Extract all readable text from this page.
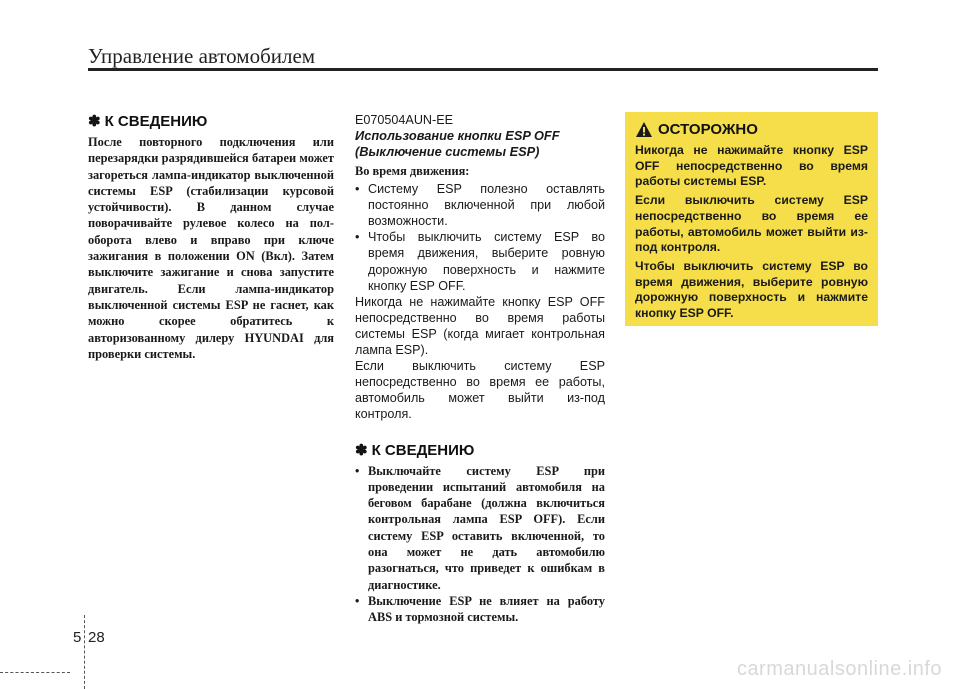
Управление автомобилем
✽ К СВЕДЕНИЮ

После повторного подключения или перезарядки разрядившейся батареи может загореться лампа-индикатор выключенной системы ESP (стабилизации курсовой устойчивости). В данном случае поворачивайте рулевое колесо на пол-оборота влево и вправо при ключе зажигания в положении ON (Вкл). Затем выключите зажигание и снова запустите двигатель. Если лампа-индикатор выключенной системы ESP не гаснет, как можно скорее обратитесь к авторизованному дилеру HYUNDAI для проверки системы.

E070504AUN-EE

Использование кнопки ESP OFF (Выключение системы ESP)

Во время движения:

• Систему ESP полезно оставлять постоянно включенной при любой возможности.
• Чтобы выключить систему ESP во время движения, выберите ровную дорожную поверхность и нажмите кнопку ESP OFF.

Никогда не нажимайте кнопку ESP OFF непосредственно во время работы системы ESP (когда мигает контрольная лампа ESP).

Если выключить систему ESP непосредственно во время ее работы, автомобиль может выйти из-под контроля.

✽ К СВЕДЕНИЮ
• Выключайте систему ESP при проведении испытаний автомобиля на беговом барабане (должна включиться контрольная лампа ESP OFF). Если систему ESP оставить включенной, то она может не дать автомобилю разогнаться, что приведет к ошибкам в диагностике.
• Выключение ESP не влияет на работу ABS и тормозной системы.
ОСТОРОЖНО

Никогда не нажимайте кнопку ESP OFF непосредственно во время работы системы ESP.

Если выключить систему ESP непосредственно во время ее работы, автомобиль может выйти из-под контроля.

Чтобы выключить систему ESP во время движения, выберите ровную дорожную поверхность и нажмите кнопку ESP OFF.

5 28
carmanualsonline.info
